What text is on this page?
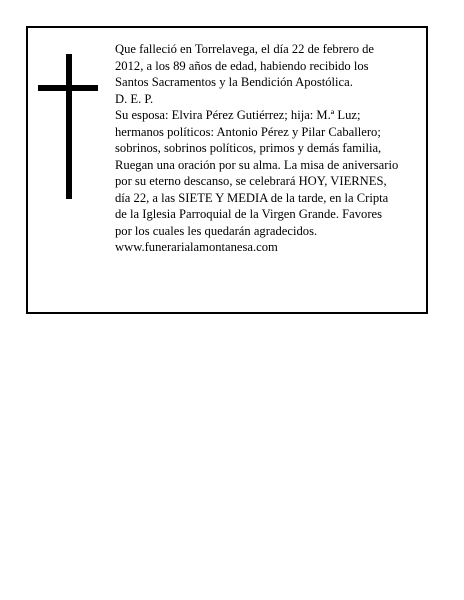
Que falleció en Torrelavega, el día 22 de febrero de

2012, a los 89 años de edad, habiendo recibido los

Santos Sacramentos y la Bendición Apostólica.

D. E. P.

Su esposa: Elvira Pérez Gutiérrez; hija: M.ª Luz;

hermanos políticos: Antonio Pérez y Pilar Caballero;

sobrinos, sobrinos políticos, primos y demás familia,

Ruegan una oración por su alma. La misa de aniversario

por su eterno descanso, se celebrará HOY, VIERNES,

día 22, a las SIETE Y MEDIA de la tarde, en la Cripta

de la Iglesia Parroquial de la Virgen Grande. Favores

por los cuales les quedarán agradecidos.

www.funerarialamontanesa.com
